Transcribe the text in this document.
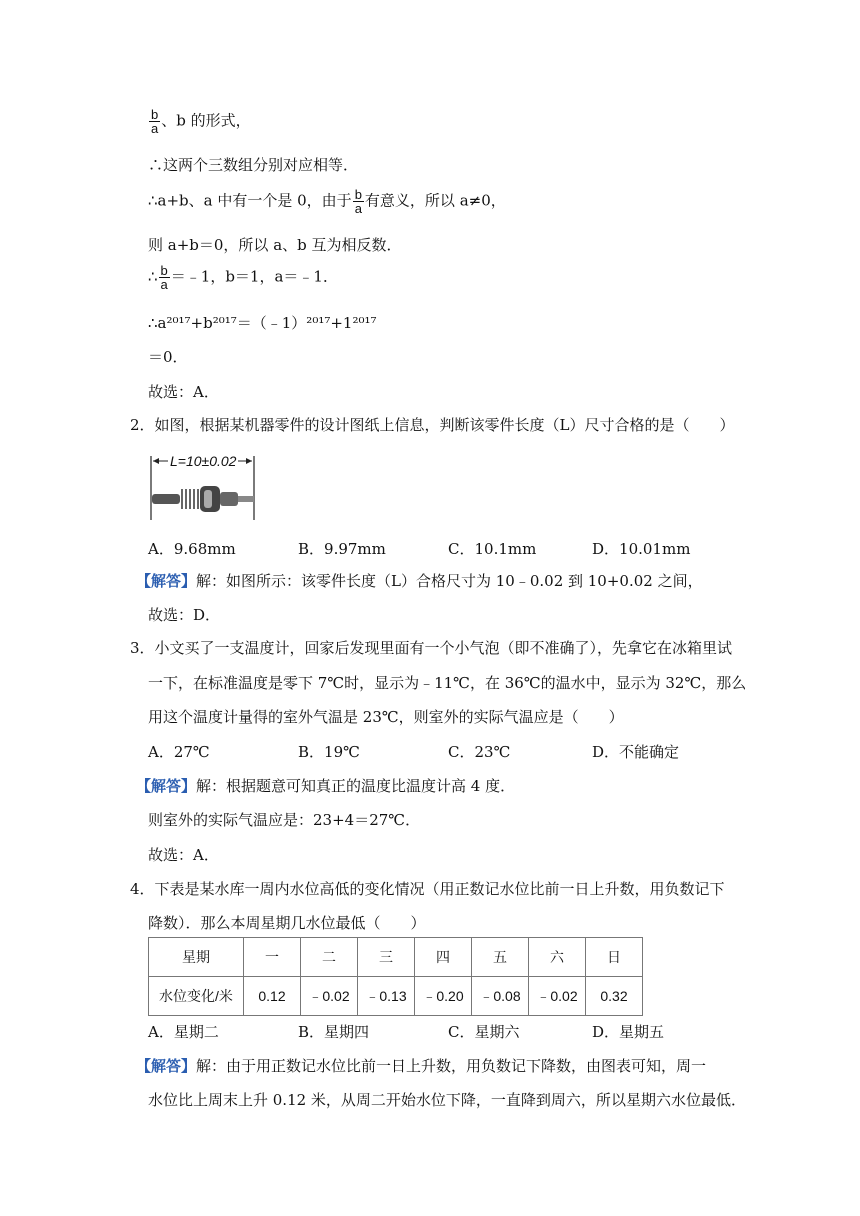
$\frac{b}{a}$ 、b 的形式，
∴这两个三数组分别对应相等．
∴a+b、a 中有一个是 0，由于 $\frac{b}{a}$ 有意义，所以 a≠0，
则 a+b＝0，所以 a、b 互为相反数．
∴ $\frac{b}{a}$ ＝﹣1，b＝1，a＝﹣1．
∴a²⁰¹⁷+b²⁰¹⁷＝（﹣1）²⁰¹⁷+1²⁰¹⁷
＝0．
故选：A．
2．如图，根据某机器零件的设计图纸上信息，判断该零件长度（L）尺寸合格的是（　　）
L=10±0.02
A．9.68mm	B．9.97mm	C．10.1mm	D．10.01mm
【解答】解：如图所示：该零件长度（L）合格尺寸为 10﹣0.02 到 10+0.02 之间，
故选：D．
3．小文买了一支温度计，回家后发现里面有一个小气泡（即不准确了），先拿它在冰箱里试
一下，在标准温度是零下 7℃时，显示为﹣11℃，在 36℃的温水中，显示为 32℃，那么
用这个温度计量得的室外气温是 23℃，则室外的实际气温应是（　　）
A．27℃	B．19℃	C．23℃	D．不能确定
【解答】解：根据题意可知真正的温度比温度计高 4 度．
则室外的实际气温应是：23+4＝27℃．
故选：A．
4．下表是某水库一周内水位高低的变化情况（用正数记水位比前一日上升数，用负数记下
降数）．那么本周星期几水位最低（　　）
星期	一	二	三	四	五	六	日
水位变化/米	0.12	﹣0.02	﹣0.13	﹣0.20	﹣0.08	﹣0.02	0.32
A．星期二	B．星期四	C．星期六	D．星期五
【解答】解：由于用正数记水位比前一日上升数，用负数记下降数，由图表可知，周一
水位比上周末上升 0.12 米，从周二开始水位下降，一直降到周六，所以星期六水位最低．
